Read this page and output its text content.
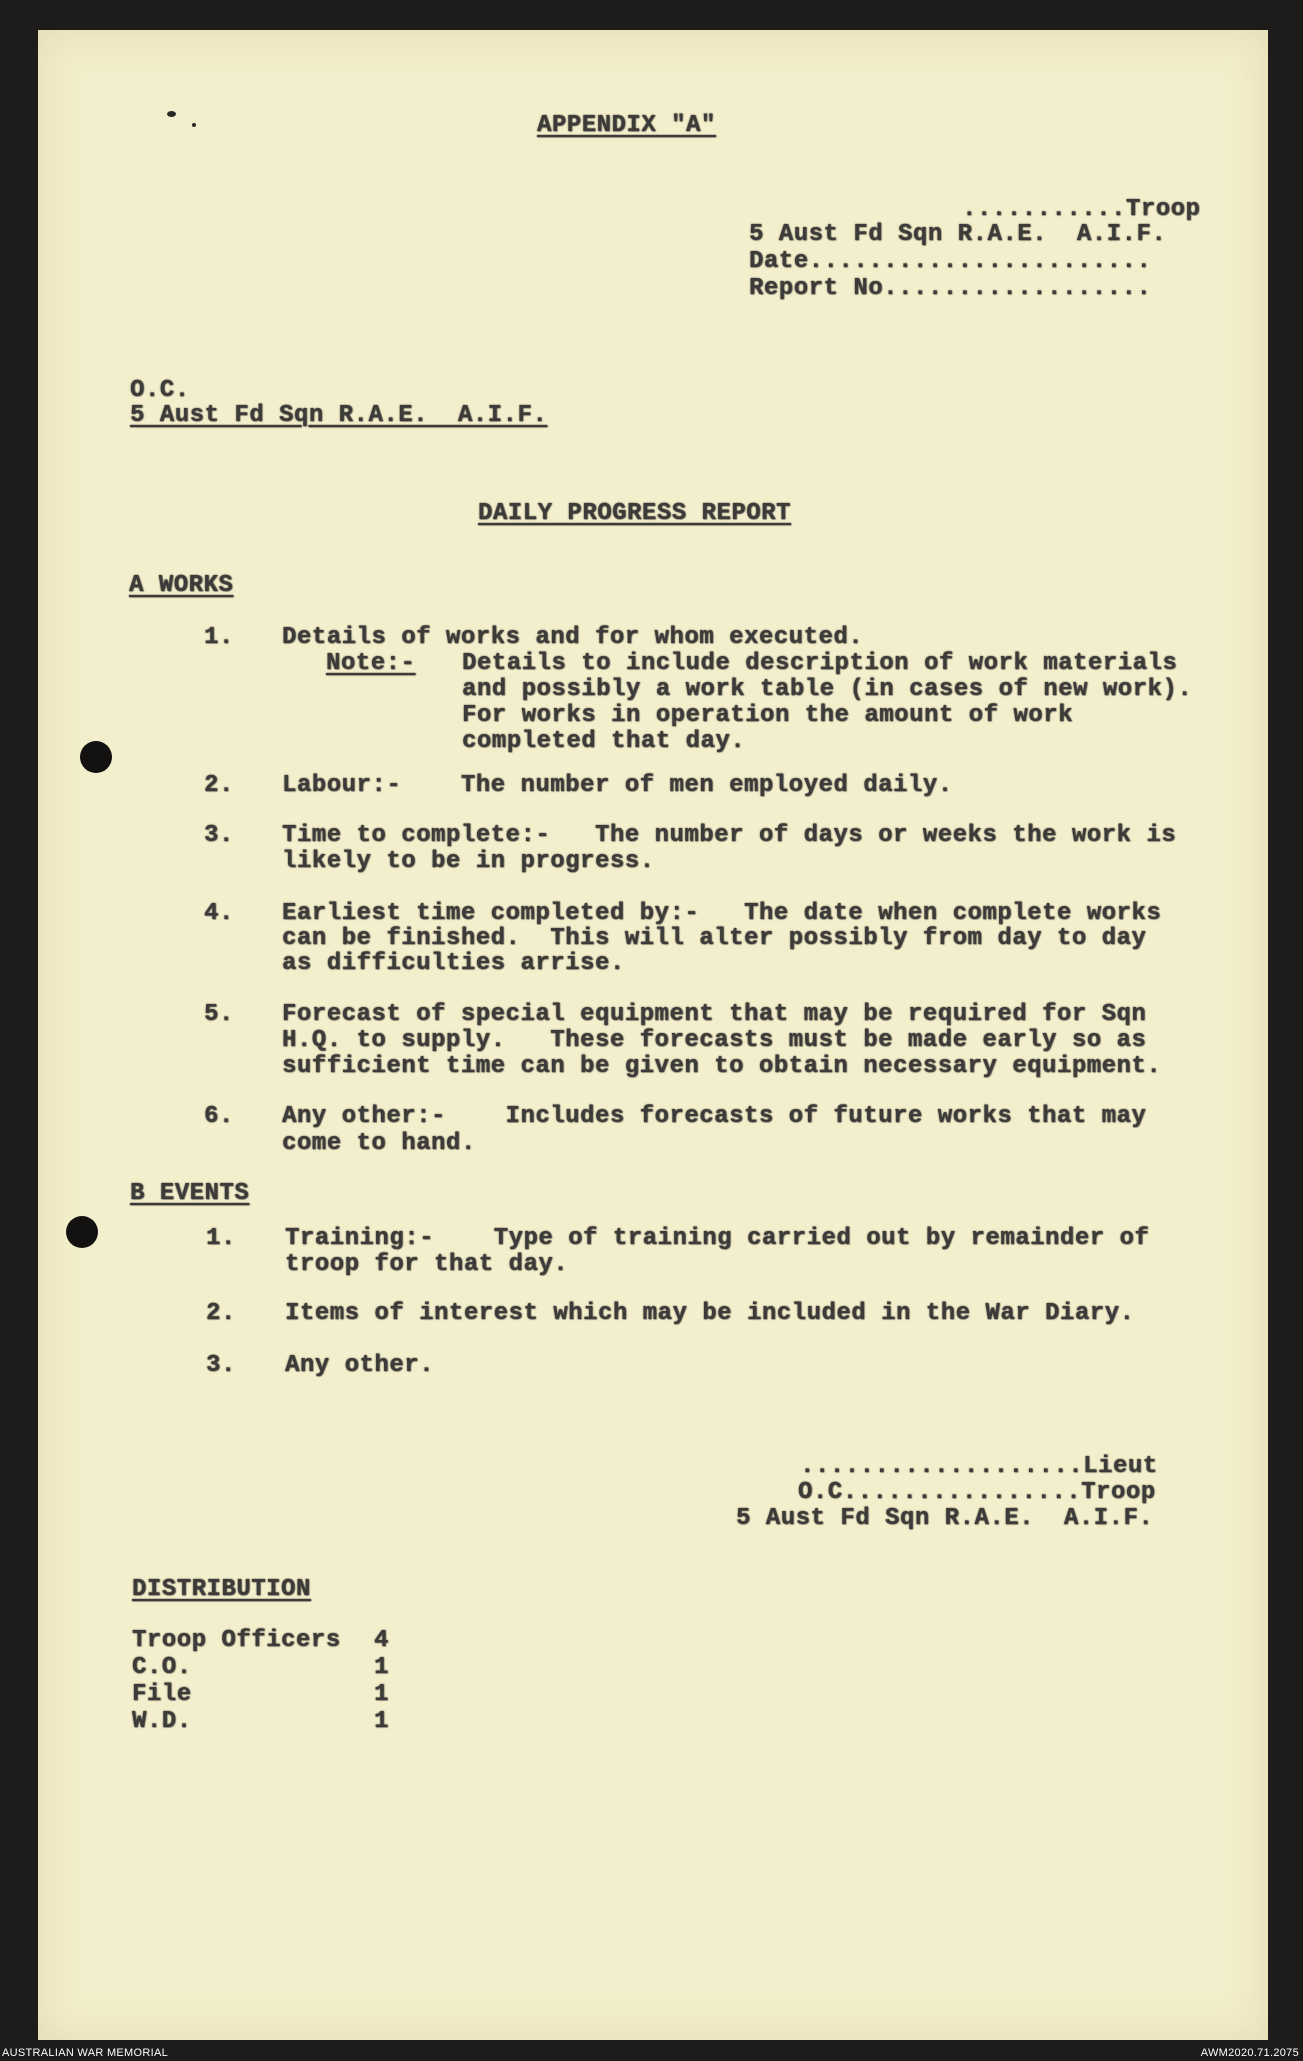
APPENDIX "A"
...........Troop
5 Aust Fd Sqn R.A.E.  A.I.F.
Date.......................
Report No..................
O.C.
5 Aust Fd Sqn R.A.E.  A.I.F.
DAILY PROGRESS REPORT
A WORKS
1. Details of works and for whom executed.
Note:- Details to include description of work materials
and possibly a work table (in cases of new work).
For works in operation the amount of work
completed that day.
2. Labour:-    The number of men employed daily.
3. Time to complete:-   The number of days or weeks the work is
likely to be in progress.
4. Earliest time completed by:-   The date when complete works
can be finished.  This will alter possibly from day to day
as difficulties arrise.
5. Forecast of special equipment that may be required for Sqn
H.Q. to supply.   These forecasts must be made early so as
sufficient time can be given to obtain necessary equipment.
6. Any other:-    Includes forecasts of future works that may
come to hand.
B EVENTS
1. Training:-    Type of training carried out by remainder of
troop for that day.
2. Items of interest which may be included in the War Diary.
3. Any other.
...................Lieut
O.C................Troop
5 Aust Fd Sqn R.A.E.  A.I.F.
DISTRIBUTION
Troop Officers 4
C.O.	1
File	1
W.D.	1
AUSTRALIAN WAR MEMORIAL	AWM2020.71.2075
